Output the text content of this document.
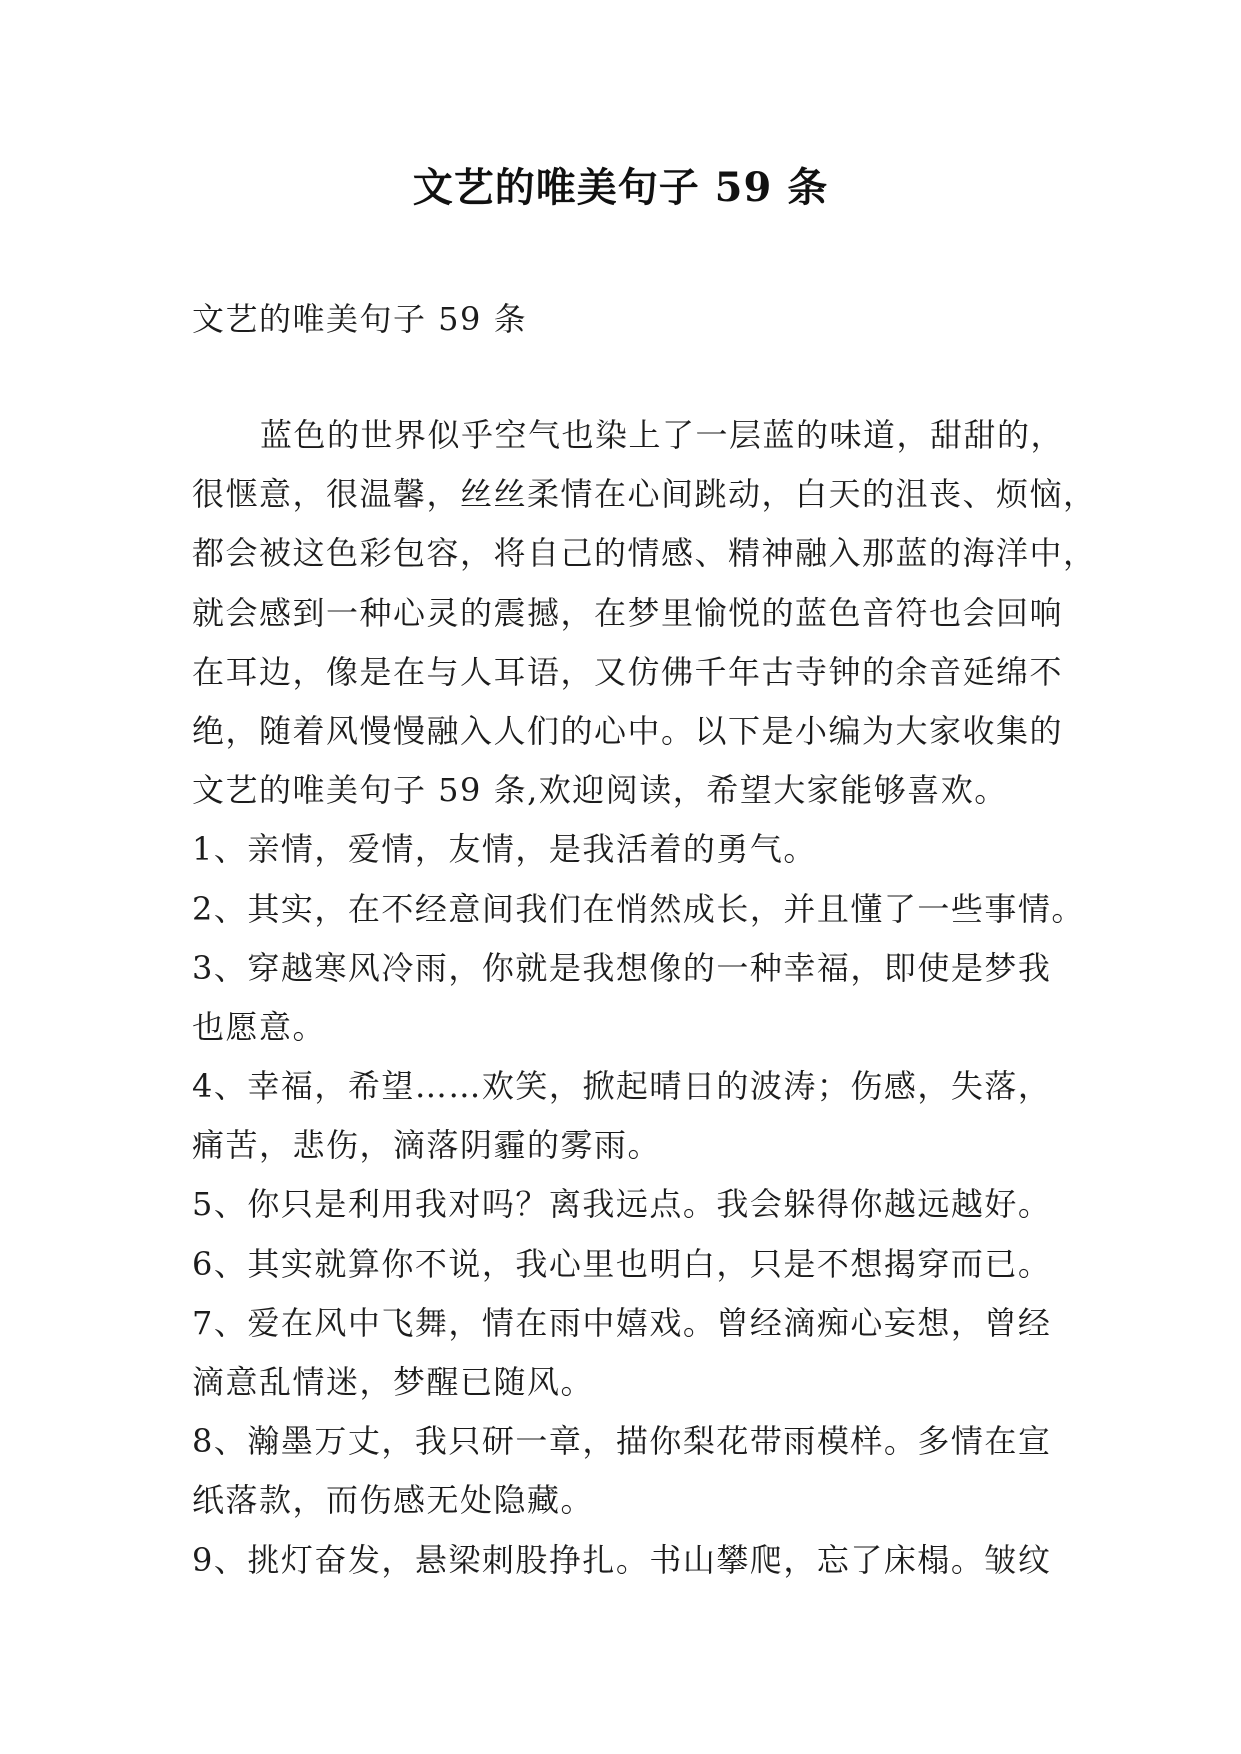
文艺的唯美句子 59 条
文艺的唯美句子 59 条
蓝色的世界似乎空气也染上了一层蓝的味道，甜甜的，
很惬意，很温馨，丝丝柔情在心间跳动，白天的沮丧、烦恼，
都会被这色彩包容，将自己的情感、精神融入那蓝的海洋中，
就会感到一种心灵的震撼，在梦里愉悦的蓝色音符也会回响
在耳边，像是在与人耳语，又仿佛千年古寺钟的余音延绵不
绝，随着风慢慢融入人们的心中。以下是小编为大家收集的
文艺的唯美句子 59 条,欢迎阅读，希望大家能够喜欢。
1、亲情，爱情，友情，是我活着的勇气。
2、其实，在不经意间我们在悄然成长，并且懂了一些事情。
3、穿越寒风冷雨，你就是我想像的一种幸福，即使是梦我
也愿意。
4、幸福，希望……欢笑，掀起晴日的波涛；伤感，失落，
痛苦，悲伤，滴落阴霾的雾雨。
5、你只是利用我对吗？离我远点。我会躲得你越远越好。
6、其实就算你不说，我心里也明白，只是不想揭穿而已。
7、爱在风中飞舞，情在雨中嬉戏。曾经滴痴心妄想，曾经
滴意乱情迷，梦醒已随风。
8、瀚墨万丈，我只研一章，描你梨花带雨模样。多情在宣
纸落款，而伤感无处隐藏。
9、挑灯奋发，悬梁刺股挣扎。书山攀爬，忘了床榻。皱纹
